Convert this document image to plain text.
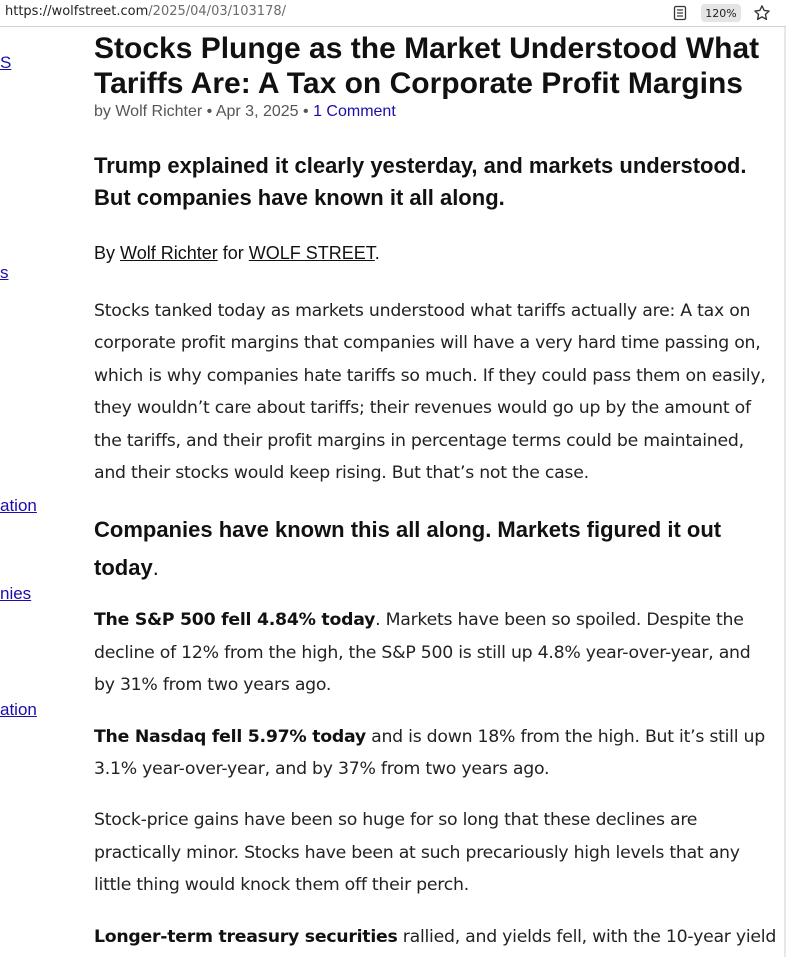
https://wolfstreet.com/2025/04/03/103178/	120%
S
s
ation
nies
ation
Stocks Plunge as the Market Understood What Tariffs Are: A Tax on Corporate Profit Margins

by Wolf Richter • Apr 3, 2025 • 1 Comment

Trump explained it clearly yesterday, and markets understood. But companies have known it all along.

By Wolf Richter for WOLF STREET.

Stocks tanked today as markets understood what tariffs actually are: A tax on corporate profit margins that companies will have a very hard time passing on, which is why companies hate tariffs so much. If they could pass them on easily, they wouldn’t care about tariffs; their revenues would go up by the amount of the tariffs, and their profit margins in percentage terms could be maintained, and their stocks would keep rising. But that’s not the case.

Companies have known this all along. Markets figured it out today.

The S&P 500 fell 4.84% today. Markets have been so spoiled. Despite the decline of 12% from the high, the S&P 500 is still up 4.8% year-over-year, and by 31% from two years ago.

The Nasdaq fell 5.97% today and is down 18% from the high. But it’s still up 3.1% year-over-year, and by 37% from two years ago.

Stock-price gains have been so huge for so long that these declines are practically minor. Stocks have been at such precariously high levels that any little thing would knock them off their perch.

Longer-term treasury securities rallied, and yields fell, with the 10-year yield
